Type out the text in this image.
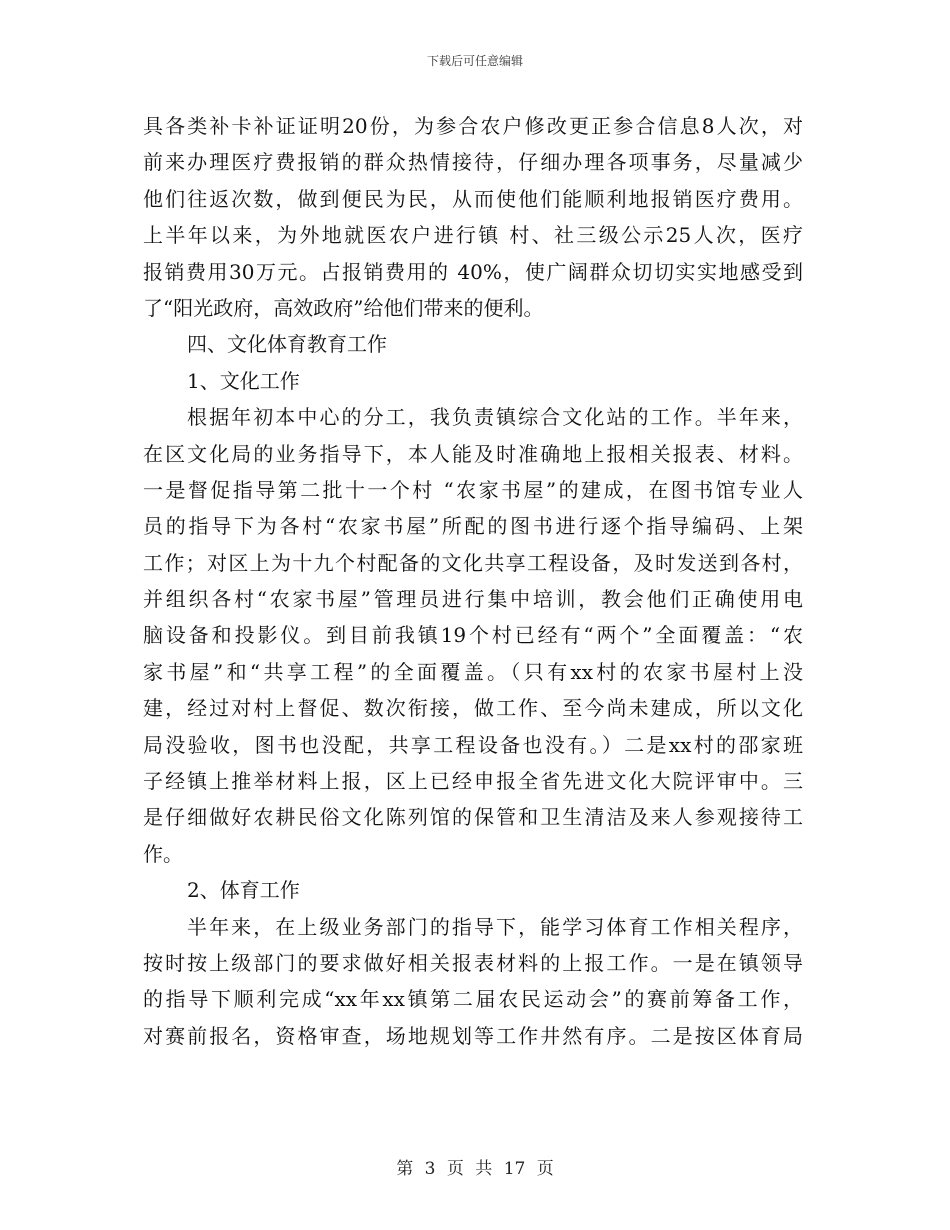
下载后可任意编辑
具各类补卡补证证明20份，为参合农户修改更正参合信息8人次，对
前来办理医疗费报销的群众热情接待，仔细办理各项事务，尽量减少
他们往返次数，做到便民为民，从而使他们能顺利地报销医疗费用。
上半年以来，为外地就医农户进行镇 村、社三级公示25人次，医疗
报销费用30万元。占报销费用的 40%，使广阔群众切切实实地感受到
了“阳光政府，高效政府”给他们带来的便利。
四、文化体育教育工作
1、文化工作
根据年初本中心的分工，我负责镇综合文化站的工作。半年来，
在区文化局的业务指导下，本人能及时准确地上报相关报表、材料。
一是督促指导第二批十一个村 “农家书屋”的建成，在图书馆专业人
员的指导下为各村“农家书屋”所配的图书进行逐个指导编码、上架
工作；对区上为十九个村配备的文化共享工程设备，及时发送到各村，
并组织各村“农家书屋”管理员进行集中培训，教会他们正确使用电
脑设备和投影仪。到目前我镇19个村已经有“两个”全面覆盖：“农
家书屋”和“共享工程”的全面覆盖。（只有xx村的农家书屋村上没
建，经过对村上督促、数次衔接，做工作、至今尚未建成，所以文化
局没验收，图书也没配，共享工程设备也没有。）二是xx村的邵家班
子经镇上推举材料上报，区上已经申报全省先进文化大院评审中。三
是仔细做好农耕民俗文化陈列馆的保管和卫生清洁及来人参观接待工
作。
2、体育工作
半年来，在上级业务部门的指导下，能学习体育工作相关程序，
按时按上级部门的要求做好相关报表材料的上报工作。一是在镇领导
的指导下顺利完成“xx年xx镇第二届农民运动会”的赛前筹备工作，
对赛前报名，资格审查，场地规划等工作井然有序。二是按区体育局
第 3 页 共 17 页
